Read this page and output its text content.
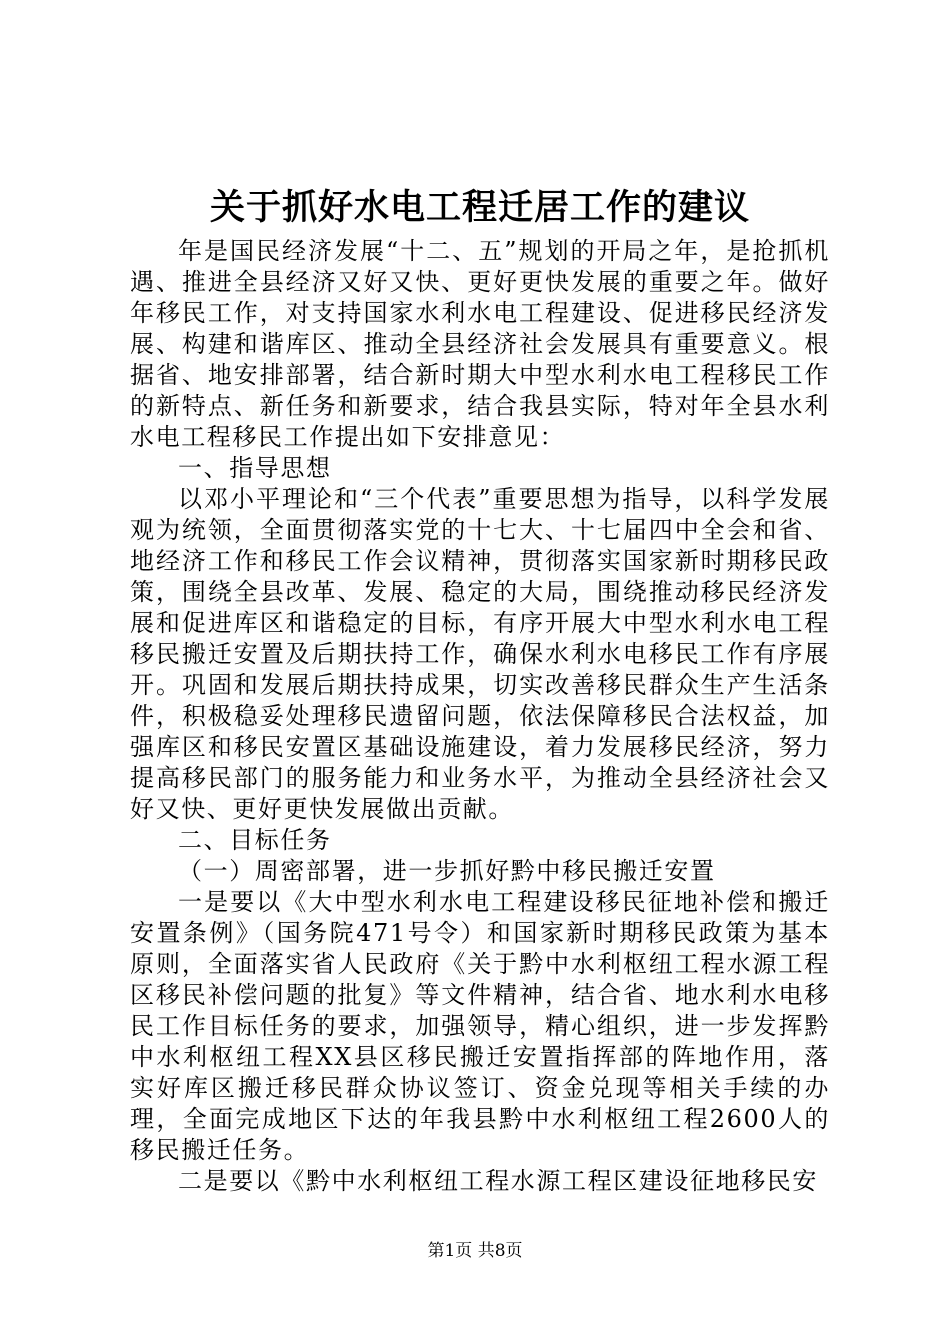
关于抓好水电工程迁居工作的建议

年是国民经济发展“十二、五”规划的开局之年，是抢抓机遇、推进全县经济又好又快、更好更快发展的重要之年。做好年移民工作，对支持国家水利水电工程建设、促进移民经济发展、构建和谐库区、推动全县经济社会发展具有重要意义。根据省、地安排部署，结合新时期大中型水利水电工程移民工作的新特点、新任务和新要求，结合我县实际，特对年全县水利水电工程移民工作提出如下安排意见：

一、指导思想

以邓小平理论和“三个代表”重要思想为指导，以科学发展观为统领，全面贯彻落实党的十七大、十七届四中全会和省、地经济工作和移民工作会议精神，贯彻落实国家新时期移民政策，围绕全县改革、发展、稳定的大局，围绕推动移民经济发展和促进库区和谐稳定的目标，有序开展大中型水利水电工程移民搬迁安置及后期扶持工作，确保水利水电移民工作有序展开。巩固和发展后期扶持成果，切实改善移民群众生产生活条件，积极稳妥处理移民遗留问题，依法保障移民合法权益，加强库区和移民安置区基础设施建设，着力发展移民经济，努力提高移民部门的服务能力和业务水平，为推动全县经济社会又好又快、更好更快发展做出贡献。

二、目标任务

（一）周密部署，进一步抓好黔中移民搬迁安置

一是要以《大中型水利水电工程建设移民征地补偿和搬迁安置条例》（国务院471号令）和国家新时期移民政策为基本原则，全面落实省人民政府《关于黔中水利枢纽工程水源工程区移民补偿问题的批复》等文件精神，结合省、地水利水电移民工作目标任务的要求，加强领导，精心组织，进一步发挥黔中水利枢纽工程XX县区移民搬迁安置指挥部的阵地作用，落实好库区搬迁移民群众协议签订、资金兑现等相关手续的办理，全面完成地区下达的年我县黔中水利枢纽工程2600人的移民搬迁任务。

二是要以《黔中水利枢纽工程水源工程区建设征地移民安

第1页 共8页
